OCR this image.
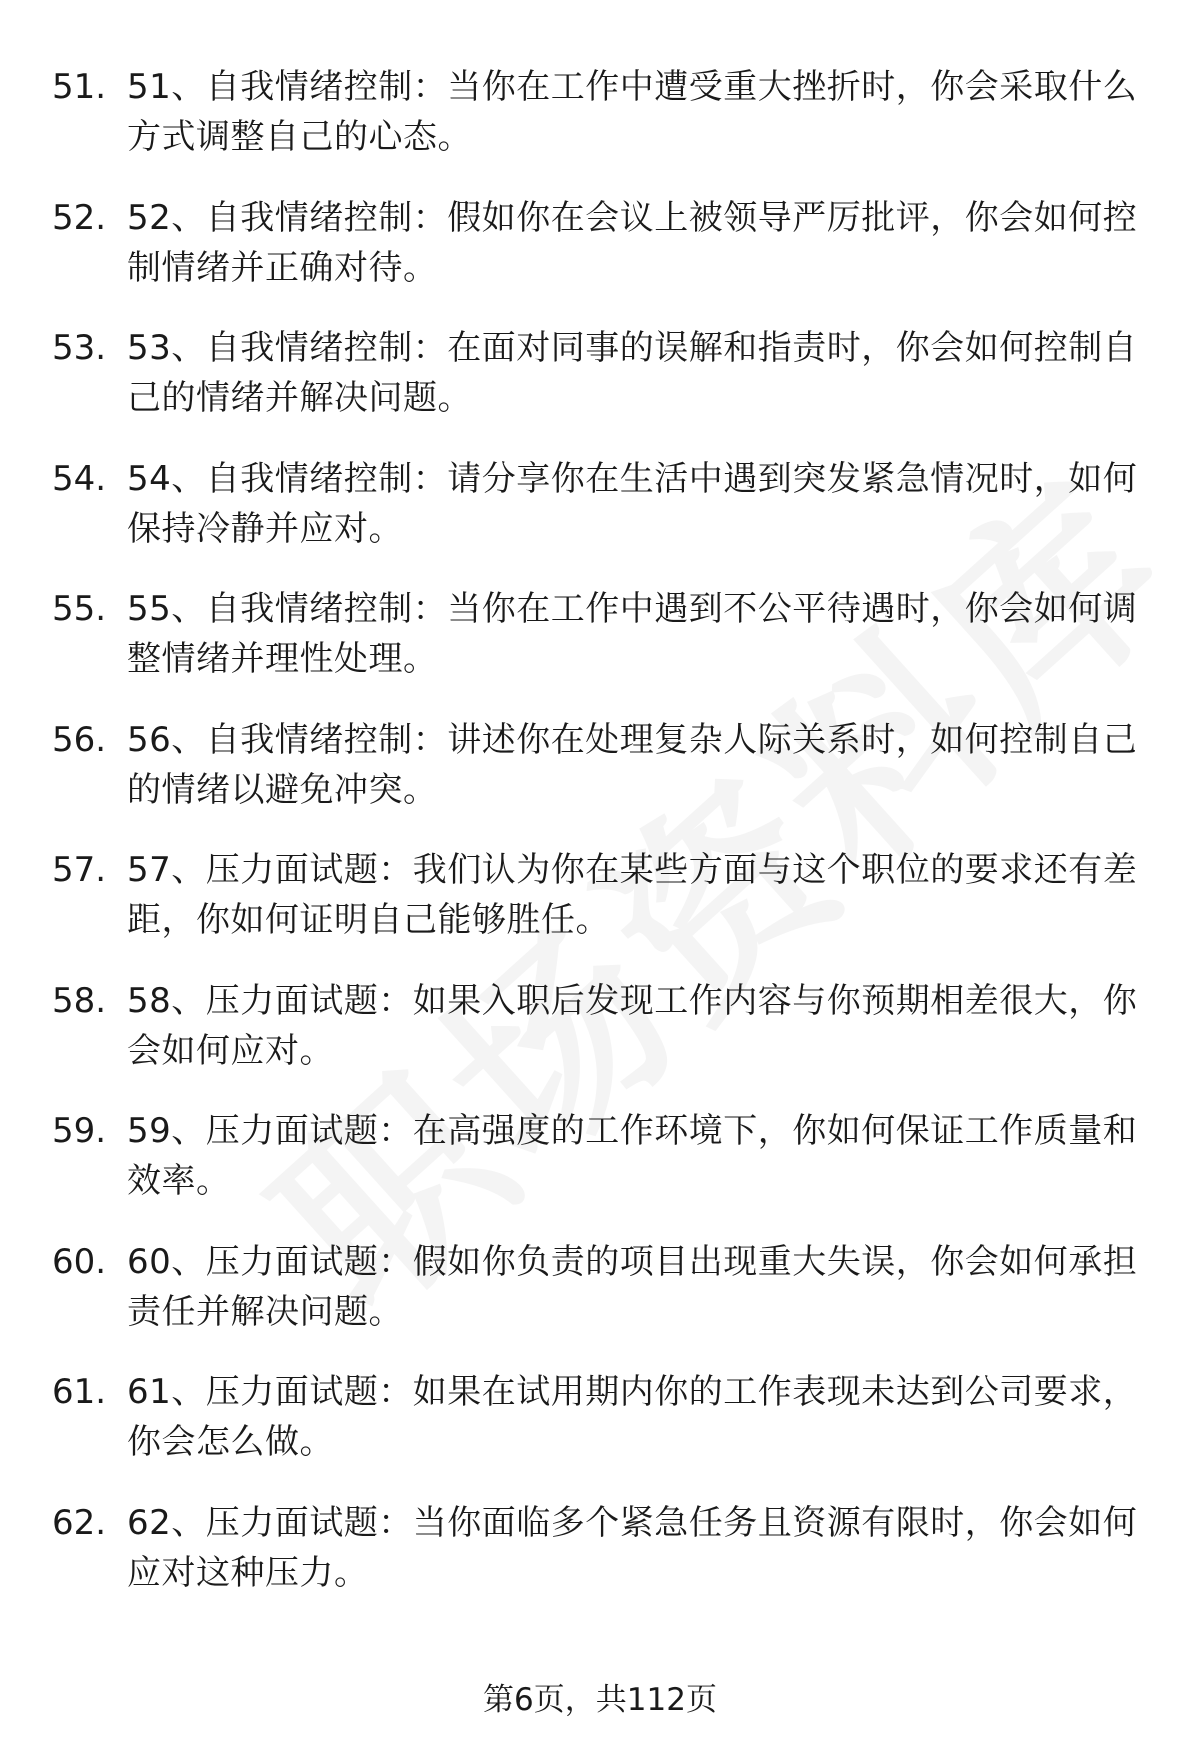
51. 51、自我情绪控制：当你在工作中遭受重大挫折时，你会采取什么方式调整自己的心态。
52. 52、自我情绪控制：假如你在会议上被领导严厉批评，你会如何控制情绪并正确对待。
53. 53、自我情绪控制：在面对同事的误解和指责时，你会如何控制自己的情绪并解决问题。
54. 54、自我情绪控制：请分享你在生活中遇到突发紧急情况时，如何保持冷静并应对。
55. 55、自我情绪控制：当你在工作中遇到不公平待遇时，你会如何调整情绪并理性处理。
56. 56、自我情绪控制：讲述你在处理复杂人际关系时，如何控制自己的情绪以避免冲突。
57. 57、压力面试题：我们认为你在某些方面与这个职位的要求还有差距，你如何证明自己能够胜任。
58. 58、压力面试题：如果入职后发现工作内容与你预期相差很大，你会如何应对。
59. 59、压力面试题：在高强度的工作环境下，你如何保证工作质量和效率。
60. 60、压力面试题：假如你负责的项目出现重大失误，你会如何承担责任并解决问题。
61. 61、压力面试题：如果在试用期内你的工作表现未达到公司要求，你会怎么做。
62. 62、压力面试题：当你面临多个紧急任务且资源有限时，你会如何应对这种压力。
第6页，共112页
